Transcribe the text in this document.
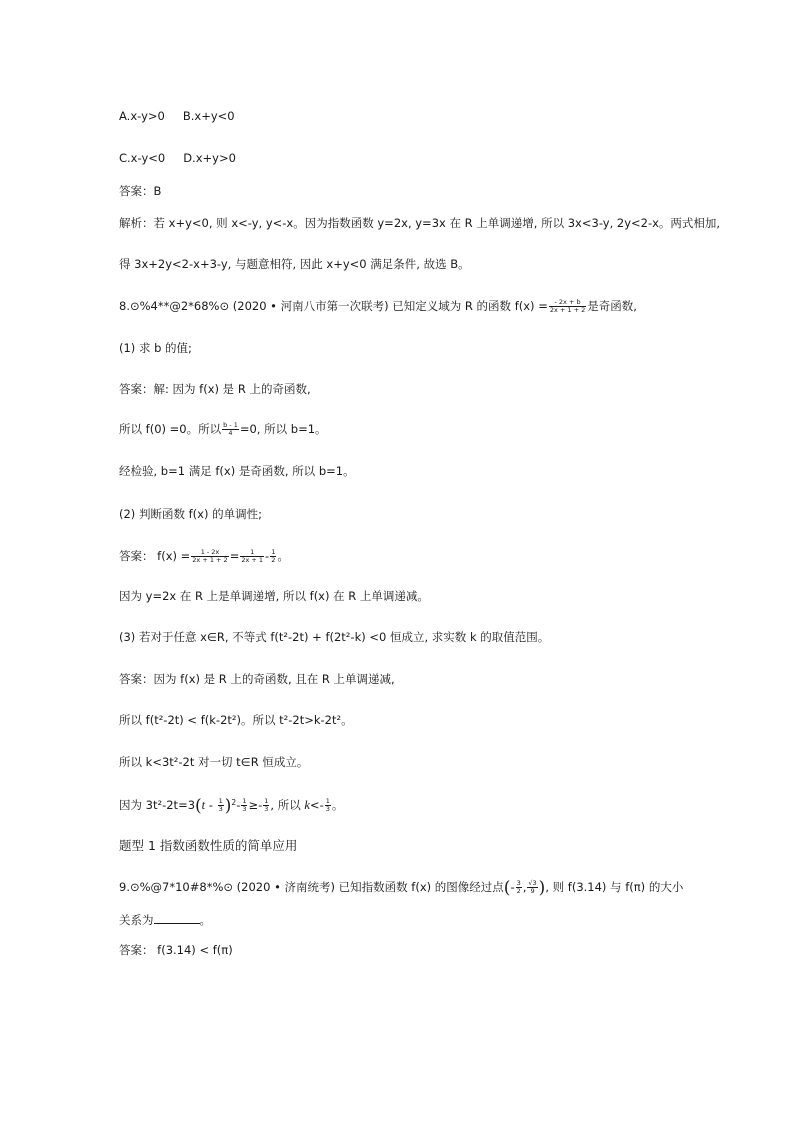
A.x-y>0 B.x+y<0
C.x-y<0 D.x+y>0
答案：B
解析：若 x+y<0, 则 x<-y, y<-x。因为指数函数 y=2x, y=3x 在 R 上单调递增, 所以 3x<3-y, 2y<2-x。两式相加,
得 3x+2y<2-x+3-y, 与题意相符, 因此 x+y<0 满足条件, 故选 B。
8.⊙%4**@2*68%⊙ (2020 • 河南八市第一次联考) 已知定义域为 R 的函数 $f(x) = \frac{- 2x + b}{2x + 1 + 2}$ 是奇函数,
(1) 求 b 的值;
答案：解: 因为 f(x) 是 R 上的奇函数,
所以 f(0) =0。所以 $\frac{b - 1}{4} =0$, 所以 b=1。
经检验, b=1 满足 f(x) 是奇函数, 所以 b=1。
(2) 判断函数 f(x) 的单调性;
答案： $f(x) = \frac{1 - 2x}{2x + 1 + 2} = \frac{1}{2x + 1} - \frac{1}{2}$ 。
因为 y=2x 在 R 上是单调递增, 所以 f(x) 在 R 上单调递减。
(3) 若对于任意 x∈R, 不等式 f(t²-2t) + f(2t²-k) <0 恒成立, 求实数 k 的取值范围。
答案：因为 f(x) 是 R 上的奇函数, 且在 R 上单调递减,
所以 f(t²-2t) < f(k-2t²)。所以 t²-2t>k-2t²。
所以 k<3t²-2t 对一切 t∈R 恒成立。
因为 $3t^2-2t=3(t - \frac{1}{3} )^2- \frac{1}{3} \ge- \frac{1}{3}$ , 所以 $k<- \frac{1}{3}$ 。
题型 1 指数函数性质的简单应用
9.⊙%@7*10#8*%⊙ (2020 • 济南统考) 已知指数函数 f(x) 的图像经过点(- $\frac{3}{2}$ , $\frac{√3}{9}$ ), 则 f(3.14) 与 f(π) 的大小
关系为	。
答案： f(3.14) < f(π)
